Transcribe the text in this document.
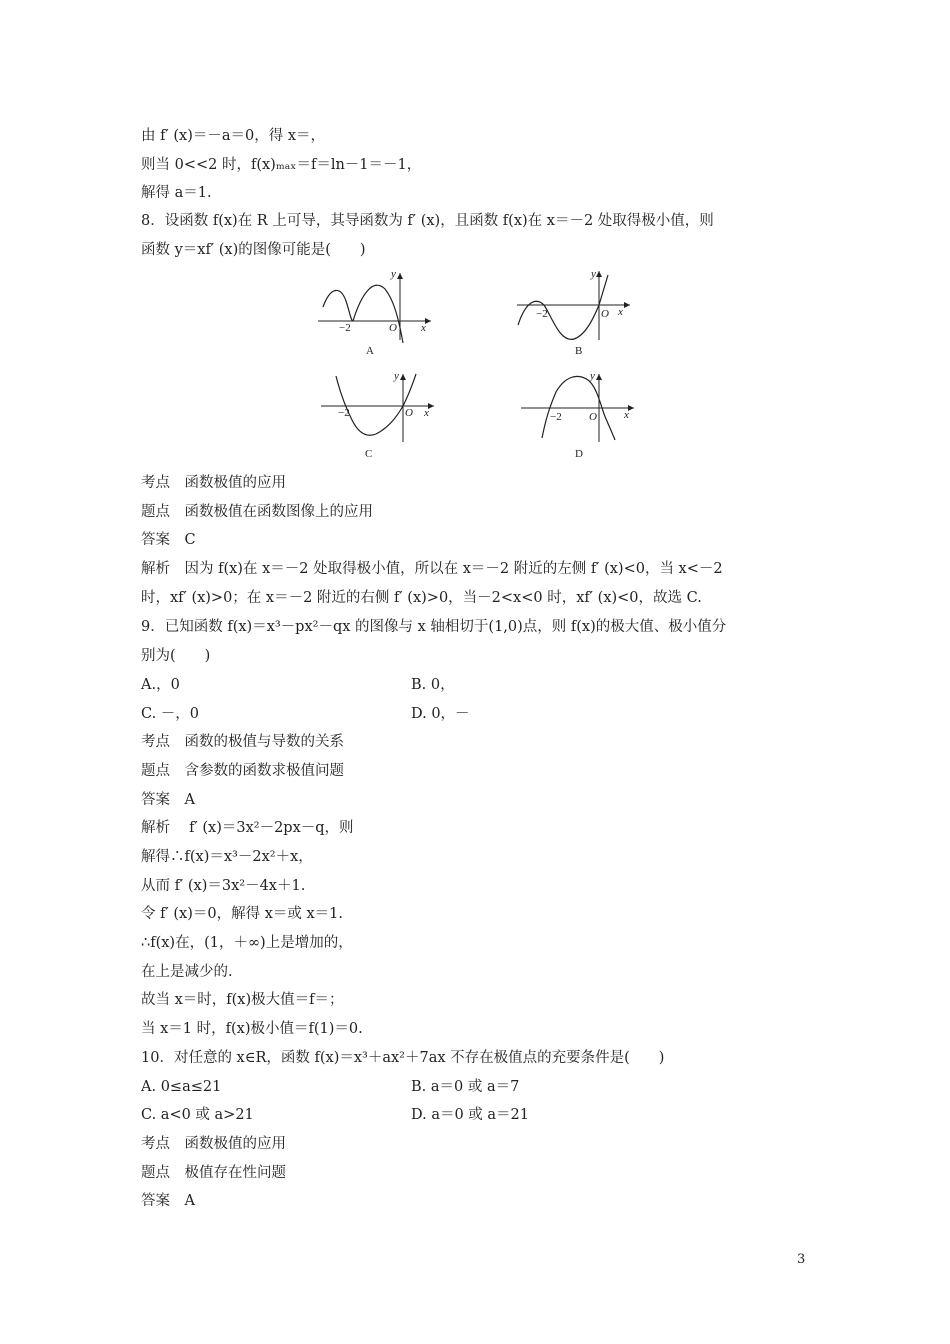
由 f′ (x)＝－a＝0，得 x＝，
则当 0<<2 时，f(x)ₘₐₓ＝f＝ln－1＝－1，
解得 a＝1.
8．设函数 f(x)在 R 上可导，其导函数为 f′ (x)，且函数 f(x)在 x＝－2 处取得极小值，则
函数 y＝xf′ (x)的图像可能是(　　)
−2	O x
y
A
−2	O x
y
B
−2	O x
y
C
−2 O x
y
D
考点　函数极值的应用
题点　函数极值在函数图像上的应用
答案　C
解析　因为 f(x)在 x＝－2 处取得极小值，所以在 x＝－2 附近的左侧 f′ (x)<0，当 x<－2
时，xf′ (x)>0；在 x＝－2 附近的右侧 f′ (x)>0，当－2<x<0 时，xf′ (x)<0，故选 C.
9．已知函数 f(x)＝x³－px²－qx 的图像与 x 轴相切于(1,0)点，则 f(x)的极大值、极小值分
别为(　　)
A.，0	B. 0，
C. －，0	D. 0，－
考点　函数的极值与导数的关系
题点　含参数的函数求极值问题
答案　A
解析　 f′ (x)＝3x²－2px－q，则
解得∴f(x)＝x³－2x²＋x，
从而 f′ (x)＝3x²－4x＋1.
令 f′ (x)＝0，解得 x＝或 x＝1.
∴f(x)在，(1，＋∞)上是增加的，
在上是减少的.
故当 x＝时，f(x)极大值＝f＝；
当 x＝1 时，f(x)极小值＝f(1)＝0.
10．对任意的 x∈R，函数 f(x)＝x³＋ax²＋7ax 不存在极值点的充要条件是(　　)
A. 0≤a≤21	B. a＝0 或 a＝7
C. a<0 或 a>21	D. a＝0 或 a＝21
考点　函数极值的应用
题点　极值存在性问题
答案　A
3
